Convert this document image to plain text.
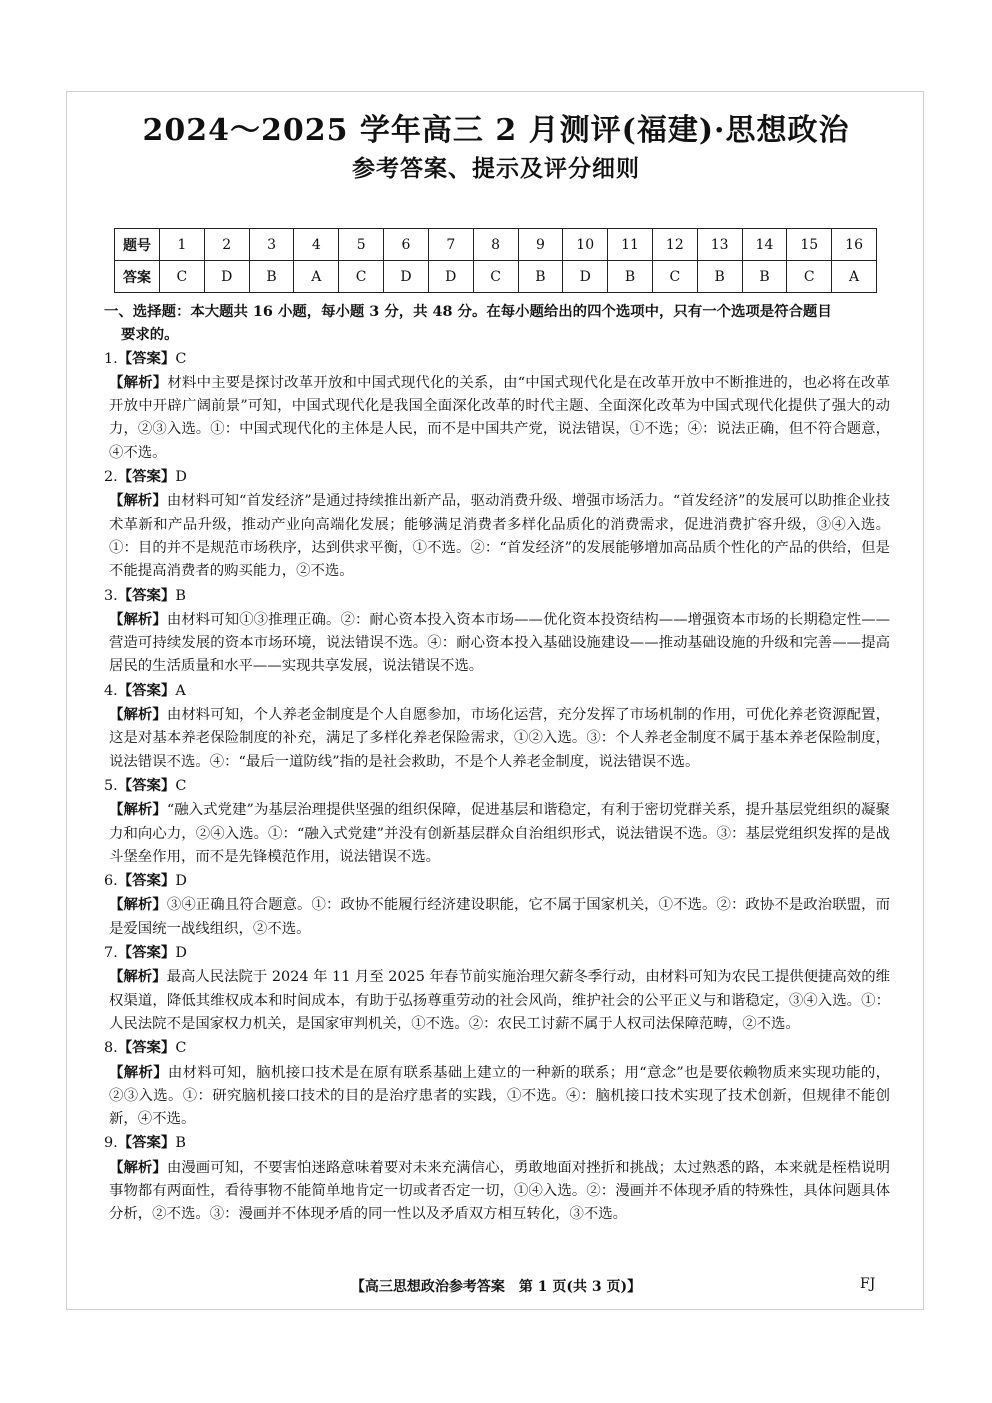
2024～2025 学年高三 2 月测评(福建)·思想政治
参考答案、提示及评分细则
题号	1	2	3	4	5	6	7	8	9	10	11	12	13	14	15	16
答案	C	D	B	A	C	D	D	C	B	D	B	C	B	B	C	A
一、选择题：本大题共 16 小题，每小题 3 分，共 48 分。在每小题给出的四个选项中，只有一个选项是符合题目
要求的。
1.【答案】C
【解析】材料中主要是探讨改革开放和中国式现代化的关系，由“中国式现代化是在改革开放中不断推进的，也必将在改革开放中开辟广阔前景”可知，中国式现代化是我国全面深化改革的时代主题、全面深化改革为中国式现代化提供了强大的动力，②③入选。①：中国式现代化的主体是人民，而不是中国共产党，说法错误，①不选；④：说法正确，但不符合题意，④不选。
2.【答案】D
【解析】由材料可知“首发经济”是通过持续推出新产品，驱动消费升级、增强市场活力。“首发经济”的发展可以助推企业技术革新和产品升级，推动产业向高端化发展；能够满足消费者多样化品质化的消费需求，促进消费扩容升级，③④入选。①：目的并不是规范市场秩序，达到供求平衡，①不选。②：“首发经济”的发展能够增加高品质个性化的产品的供给，但是不能提高消费者的购买能力，②不选。
3.【答案】B
【解析】由材料可知①③推理正确。②：耐心资本投入资本市场——优化资本投资结构——增强资本市场的长期稳定性——营造可持续发展的资本市场环境，说法错误不选。④：耐心资本投入基础设施建设——推动基础设施的升级和完善——提高居民的生活质量和水平——实现共享发展，说法错误不选。
4.【答案】A
【解析】由材料可知，个人养老金制度是个人自愿参加，市场化运营，充分发挥了市场机制的作用，可优化养老资源配置，这是对基本养老保险制度的补充，满足了多样化养老保险需求，①②入选。③：个人养老金制度不属于基本养老保险制度，说法错误不选。④：“最后一道防线”指的是社会救助，不是个人养老金制度，说法错误不选。
5.【答案】C
【解析】“融入式党建”为基层治理提供坚强的组织保障，促进基层和谐稳定，有利于密切党群关系，提升基层党组织的凝聚力和向心力，②④入选。①：“融入式党建”并没有创新基层群众自治组织形式，说法错误不选。③：基层党组织发挥的是战斗堡垒作用，而不是先锋模范作用，说法错误不选。
6.【答案】D
【解析】③④正确且符合题意。①：政协不能履行经济建设职能，它不属于国家机关，①不选。②：政协不是政治联盟，而是爱国统一战线组织，②不选。
7.【答案】D
【解析】最高人民法院于 2024 年 11 月至 2025 年春节前实施治理欠薪冬季行动，由材料可知为农民工提供便捷高效的维权渠道，降低其维权成本和时间成本，有助于弘扬尊重劳动的社会风尚，维护社会的公平正义与和谐稳定，③④入选。①：人民法院不是国家权力机关，是国家审判机关，①不选。②：农民工讨薪不属于人权司法保障范畴，②不选。
8.【答案】C
【解析】由材料可知，脑机接口技术是在原有联系基础上建立的一种新的联系；用“意念”也是要依赖物质来实现功能的，②③入选。①：研究脑机接口技术的目的是治疗患者的实践，①不选。④：脑机接口技术实现了技术创新，但规律不能创新，④不选。
9.【答案】B
【解析】由漫画可知，不要害怕迷路意味着要对未来充满信心，勇敢地面对挫折和挑战；太过熟悉的路，本来就是桎梏说明事物都有两面性，看待事物不能简单地肯定一切或者否定一切，①④入选。②：漫画并不体现矛盾的特殊性，具体问题具体分析，②不选。③：漫画并不体现矛盾的同一性以及矛盾双方相互转化，③不选。
【高三思想政治参考答案　第 1 页(共 3 页)】	FJ
